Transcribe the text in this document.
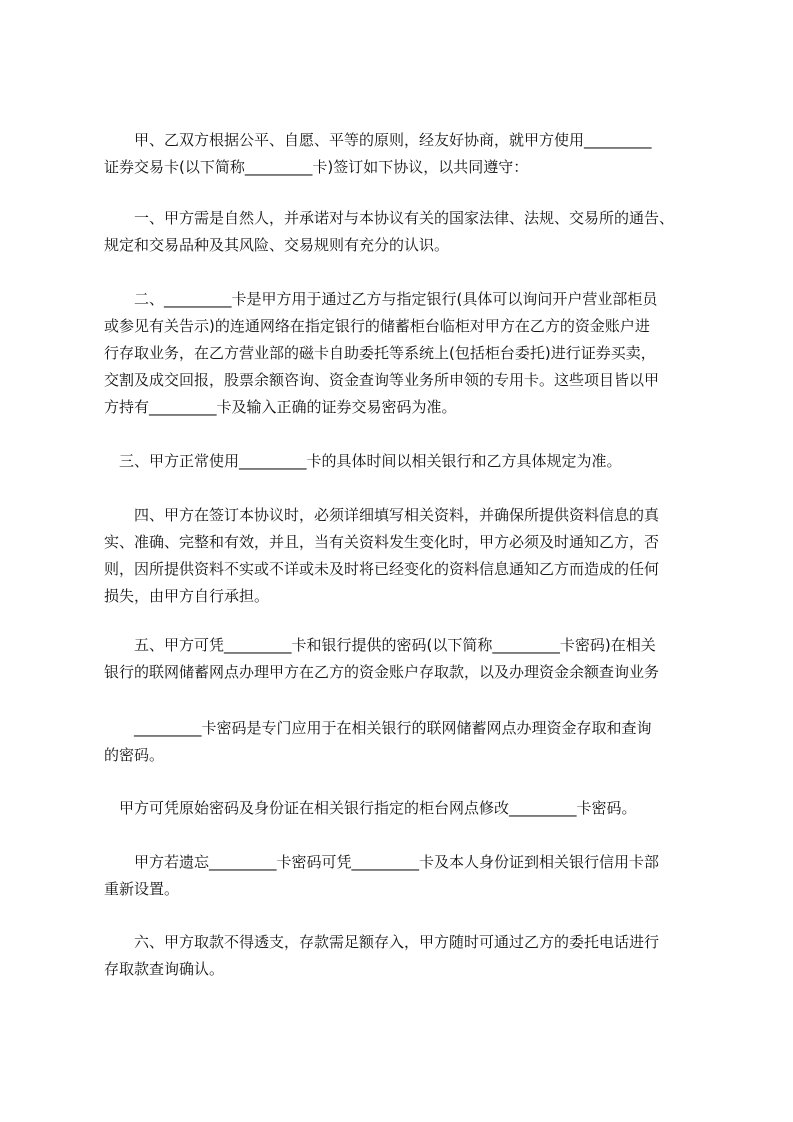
　　甲、乙双方根据公平、自愿、平等的原则，经友好协商，就甲方使用_________
证券交易卡(以下简称_________卡)签订如下协议，以共同遵守：
　　一、甲方需是自然人，并承诺对与本协议有关的国家法律、法规、交易所的通告、
规定和交易品种及其风险、交易规则有充分的认识。
　　二、_________卡是甲方用于通过乙方与指定银行(具体可以询问开户营业部柜员
或参见有关告示)的连通网络在指定银行的储蓄柜台临柜对甲方在乙方的资金账户进
行存取业务，在乙方营业部的磁卡自助委托等系统上(包括柜台委托)进行证券买卖，
交割及成交回报，股票余额咨询、资金查询等业务所申领的专用卡。这些项目皆以甲
方持有_________卡及输入正确的证券交易密码为准。
　三、甲方正常使用_________卡的具体时间以相关银行和乙方具体规定为准。
　　四、甲方在签订本协议时，必须详细填写相关资料，并确保所提供资料信息的真
实、准确、完整和有效，并且，当有关资料发生变化时，甲方必须及时通知乙方，否
则，因所提供资料不实或不详或未及时将已经变化的资料信息通知乙方而造成的任何
损失，由甲方自行承担。
　　五、甲方可凭_________卡和银行提供的密码(以下简称_________卡密码)在相关
银行的联网储蓄网点办理甲方在乙方的资金账户存取款，以及办理资金余额查询业务
　　_________卡密码是专门应用于在相关银行的联网储蓄网点办理资金存取和查询
的密码。
　甲方可凭原始密码及身份证在相关银行指定的柜台网点修改_________卡密码。
　　甲方若遗忘_________卡密码可凭_________卡及本人身份证到相关银行信用卡部
重新设置。
　　六、甲方取款不得透支，存款需足额存入，甲方随时可通过乙方的委托电话进行
存取款查询确认。
